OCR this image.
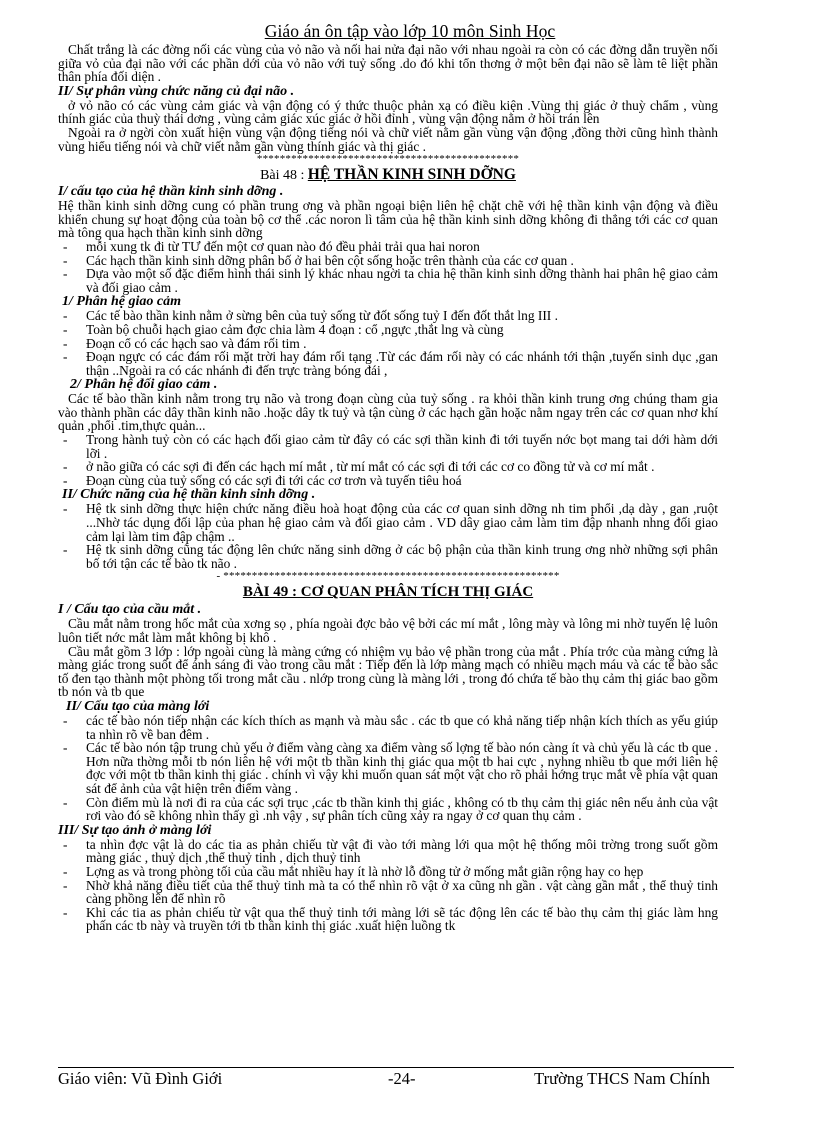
Giáo án ôn tập vào lớp 10 môn Sinh Học

Chất trắng là các đờng nối các vùng của vỏ não và nối hai nửa đại não với nhau ngoài ra còn có các đờng dẫn truyền nối giữa vỏ của đại não với các phần dới của vỏ não với tuỷ sống .do đó khi tổn thơng ở một bên đại não sẽ làm tê liệt phần thân phía đối diện .

II/ Sự phân vùng chức năng củ đại não .

ở vỏ não có các vùng cảm giác và vận động có ý thức thuộc phản xạ có điều kiện .Vùng thị giác ở thuỳ chẩm , vùng thính giác của thuỳ thái dơng , vùng cảm giác xúc giác ở hồi đỉnh , vùng vận động nằm ở hồi trán lên

Ngoài ra ở ngời còn xuất hiện vùng vận động tiếng nói và chữ viết nằm gần vùng vận động ,đồng thời cũng hình thành vùng hiểu tiếng nói và chữ viết nằm gần vùng thính giác và thị giác .

**********************************************
Bài 48 : HỆ THẦN KINH SINH DỠNG

I/ cấu tạo của hệ thần kinh sinh dỡng .

Hệ thần kinh sinh dỡng cung có phần trung ơng và phần ngoại biện liên hệ chặt chẽ với hệ thần kinh vận động và điều khiển chung sự hoạt động của toàn bộ cơ thể .các noron lì tâm của hệ thần kinh sinh dỡng không đi thẳng tới các cơ quan mà tông qua hạch thần kinh sinh dỡng

- mỗi xung tk đi từ TƯ đến một cơ quan nào đó đều phải trải qua hai noron
- Các hạch thần kinh sinh dỡng phân bố ở hai bên cột sống hoặc trên thành của các cơ quan .
- Dựa vào một số đặc điểm hình thái sinh lý khác nhau ngời ta chia hệ thần kinh sinh dỡng thành hai phân hệ giao cảm và đối giao cảm .

1/ Phân hệ giao cảm

- Các tế bào thần kinh nằm ở sừng bên của tuỷ sống từ đốt sống tuỷ I đến đốt thắt lng III .
- Toàn bộ chuỗi hạch giao cảm đợc chia làm 4 đoạn : cổ ,ngực ,thắt lng và cùng
- Đoạn cổ có các hạch sao và đám rối tim .
- Đoạn ngực có các đám rối mặt trời hay đám rối tạng .Từ các đám rối này có các nhánh tới thận ,tuyến sinh dục ,gan thận ..Ngoài ra có các nhánh đi đến trực tràng bóng đái ,

2/ Phân hệ đối giao cảm .

Các tế bào thần kinh nằm trong trụ não và trong đoạn cùng của tuỷ sống . ra khỏi thần kinh trung ơng chúng tham gia vào thành phần các dây thần kinh não .hoặc dây tk tuỷ và tận cùng ở các hạch gần hoặc nằm ngay trên các cơ quan nhơ khí quản ,phổi .tim,thực quản...

- Trong hành tuỷ còn có các hạch đối giao cảm từ đây có các sợi thần kinh đi tới tuyến nớc bọt mang tai dới hàm dới lỡi .
- ở não giữa có các sợi đi đến các hạch mí mắt , từ mí mắt có các sợi đi tới các cơ co đồng tử và cơ mí mắt .
- Đoạn cùng của tuỷ sống có các sợi đi tới các cơ trơn và tuyến tiêu hoá

II/ Chức năng của hệ thần kinh sinh dỡng .

- Hệ tk sinh dỡng thực hiện chức năng điều hoà hoạt động của các cơ quan sinh dỡng nh tim phổi ,dạ dày , gan ,ruột ...Nhờ tác dụng đối lập của phan hệ giao cảm và đối giao cảm . VD dây giao cảm làm tim đập nhanh nhng đối giao cảm lại làm tim đập chậm ..
- Hệ tk sinh dỡng cũng tác động lên chức năng sinh dỡng ở các bộ phận của thần kinh trung ơng nhờ những sợi phân bố tới tận các tế bào tk não .
- ***********************************************************
BÀI 49 : CƠ QUAN PHÂN TÍCH THỊ GIÁC

I / Cấu tạo của cầu mắt .

Cầu mắt nằm trong hốc mắt của xơng sọ , phía ngoài đợc bảo vệ bởi các mí mắt , lông mày và lông mi nhờ tuyến lệ luôn luôn tiết nớc mắt làm mắt không bị khô .

Cầu mắt gồm 3 lớp : lớp ngoài cùng là màng cứng có nhiệm vụ bảo vệ phần trong của mắt . Phía trớc của màng cứng là màng giác trong suốt để ánh sáng đi vào trong cầu mắt : Tiếp đến là lớp màng mạch có nhiều mạch máu và các tế bào sắc tố đen tạo thành một phòng tối trong mắt cầu . nlớp trong cùng là màng lới , trong đó chứa tế bào thụ cảm thị giác bao gồm tb nón và tb que

II/ Cấu tạo của màng lới

- các tế bào nón tiếp nhận các kích thích as mạnh và màu sắc . các tb que có khả năng tiếp nhận kích thích as yếu giúp ta nhìn rõ về ban đêm .
- Các tế bào nón tập trung chủ yếu ở điểm vàng càng xa điểm vàng số lợng tế bào nón càng ít và chủ yếu là các tb que . Hơn nữa thờng mỗi tb nón liên hệ với một tb thần kinh thị giác qua một tb hai cực , nyhng nhiều tb que mới liên hệ đợc với một tb thần kinh thị giác . chính vì vậy khi muốn quan sát một vật cho rõ phải hớng trục mắt về phía vật quan sát để ảnh của vật hiện trên điểm vàng .
- Còn điểm mù là nơi đi ra của các sợi trục ,các tb thần kinh thị giác , không có tb thụ cảm thị giác nên nếu ảnh của vật rơi vào đó sẽ không nhìn thấy gì .nh vậy , sự phân tích cũng xảy ra ngay ở cơ quan thụ cảm .

III/ Sự tạo ảnh ở màng lới

- ta nhìn đợc vật là do các tia as phản chiếu từ vật đi vào tới màng lới qua một hệ thống môi trờng trong suốt gồm màng giác , thuỷ dịch ,thể thuỷ tinh , dịch thuỷ tinh
- Lợng as và trong phòng tối của cầu mắt nhiều hay ít là nhờ lỗ đồng tử ở mống mắt giãn rộng hay co hẹp
- Nhờ khả năng điều tiết của thể thuỷ tinh mà ta có thể nhìn rõ vật ở xa cũng nh gần . vật càng gần mắt , thể thuỷ tinh càng phồng lên để nhìn rõ
- Khi các tia as phản chiếu từ vật qua thể thuỷ tinh tới màng lới sẽ tác động lên các tế bào thụ cảm thị giác làm hng phấn các tb này và truyền tới tb thần kinh thị giác .xuất hiện luồng tk
Giáo viên: Vũ Đình Giới	-24-	Trường THCS Nam Chính
